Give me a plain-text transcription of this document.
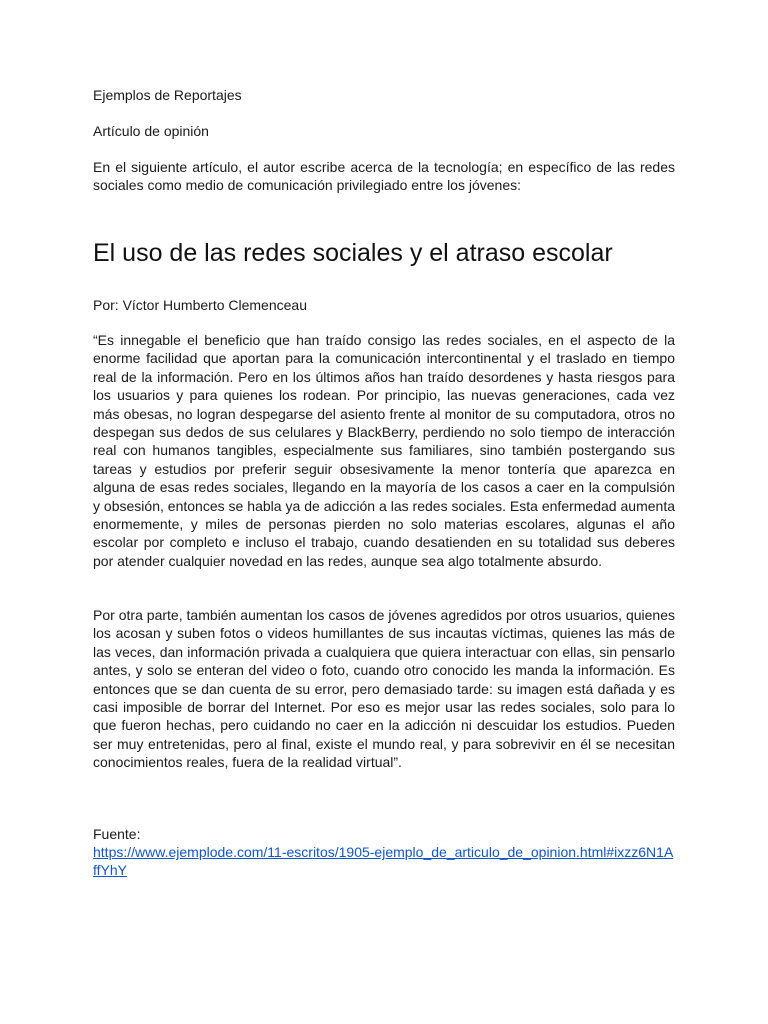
Ejemplos de Reportajes

Artículo de opinión

En el siguiente artículo, el autor escribe acerca de la tecnología; en específico de las redes sociales como medio de comunicación privilegiado entre los jóvenes:

El uso de las redes sociales y el atraso escolar

Por: Víctor Humberto Clemenceau

“Es innegable el beneficio que han traído consigo las redes sociales, en el aspecto de la enorme facilidad que aportan para la comunicación intercontinental y el traslado en tiempo real de la información. Pero en los últimos años han traído desordenes y hasta riesgos para los usuarios y para quienes los rodean. Por principio, las nuevas generaciones, cada vez más obesas, no logran despegarse del asiento frente al monitor de su computadora, otros no despegan sus dedos de sus celulares y BlackBerry, perdiendo no solo tiempo de interacción real con humanos tangibles, especialmente sus familiares, sino también postergando sus tareas y estudios por preferir seguir obsesivamente la menor tontería que aparezca en alguna de esas redes sociales, llegando en la mayoría de los casos a caer en la compulsión y obsesión, entonces se habla ya de adicción a las redes sociales. Esta enfermedad aumenta enormemente, y miles de personas pierden no solo materias escolares, algunas el año escolar por completo e incluso el trabajo, cuando desatienden en su totalidad sus deberes por atender cualquier novedad en las redes, aunque sea algo totalmente absurdo.

Por otra parte, también aumentan los casos de jóvenes agredidos por otros usuarios, quienes los acosan y suben fotos o videos humillantes de sus incautas víctimas, quienes las más de las veces, dan información privada a cualquiera que quiera interactuar con ellas, sin pensarlo antes, y solo se enteran del video o foto, cuando otro conocido les manda la información. Es entonces que se dan cuenta de su error, pero demasiado tarde: su imagen está dañada y es casi imposible de borrar del Internet. Por eso es mejor usar las redes sociales, solo para lo que fueron hechas, pero cuidando no caer en la adicción ni descuidar los estudios. Pueden ser muy entretenidas, pero al final, existe el mundo real, y para sobrevivir en él se necesitan conocimientos reales, fuera de la realidad virtual”.

Fuente:

https://www.ejemplode.com/11-escritos/1905-ejemplo_de_articulo_de_opinion.html#ixzz6N1AffYhY
